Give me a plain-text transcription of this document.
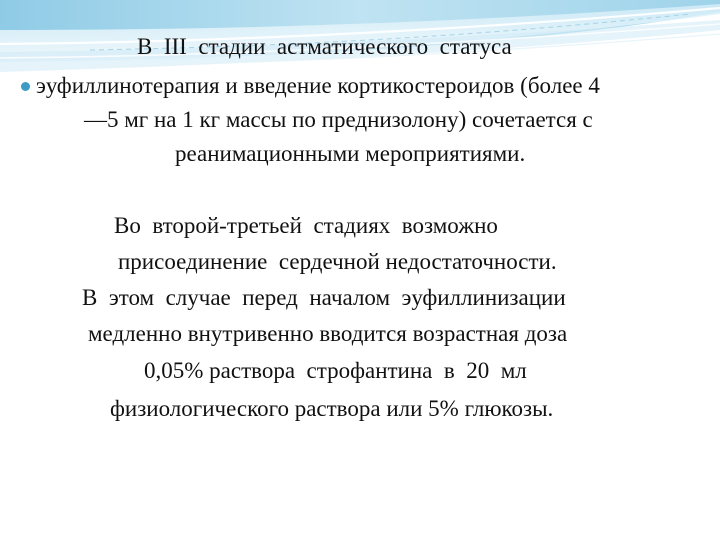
В  III  стадии  астматического  статуса

эуфиллинотерапия и введение кортикостероидов (более 4

—5 мг на 1 кг массы по преднизолону) сочетается с

реанимационными мероприятиями.

Во  второй-третьей  стадиях  возможно

присоединение  сердечной недостаточности.

В  этом  случае  перед  началом  эуфиллинизации

медленно внутривенно вводится возрастная доза

0,05% раствора  строфантина  в  20  мл

физиологического раствора или 5% глюкозы.
